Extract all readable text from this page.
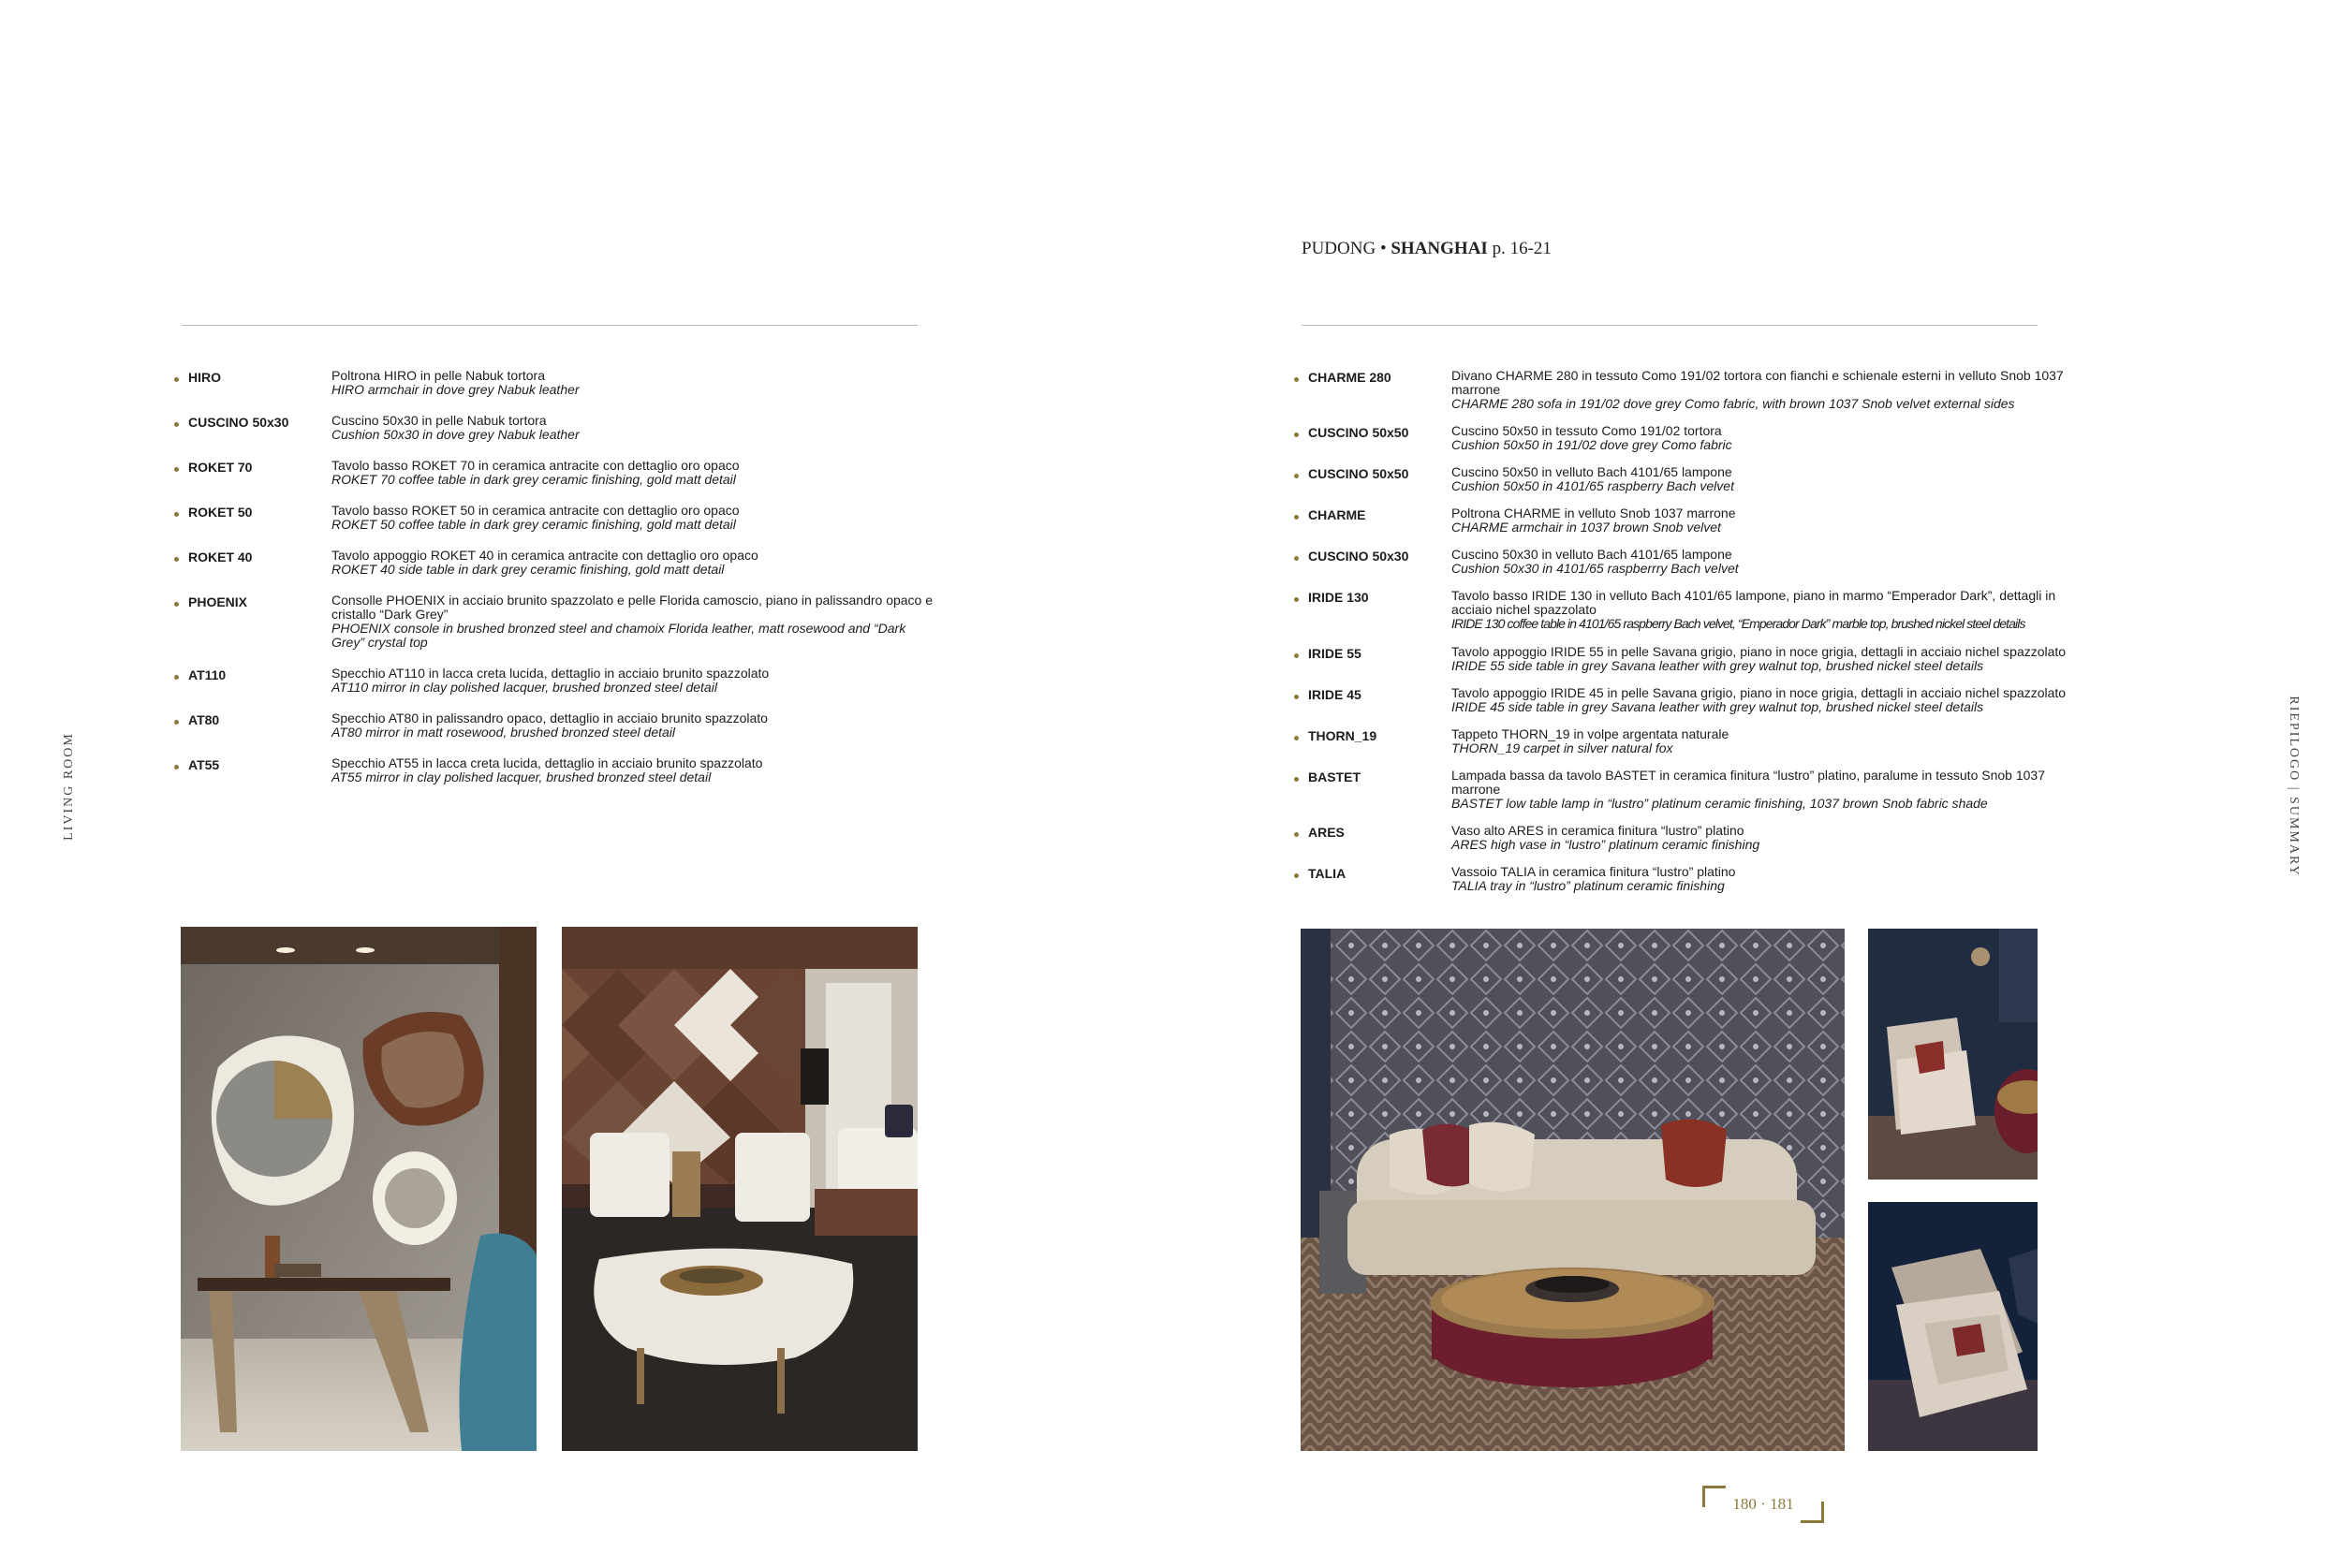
LIVING ROOM	RIEPILOGO | SUMMARY
PUDONG • SHANGHAI p. 16-21
HIRO	Poltrona HIRO in pelle Nabuk tortora
HIRO armchair in dove grey Nabuk leather
CUSCINO 50x30	Cuscino 50x30 in pelle Nabuk tortora
Cushion 50x30 in dove grey Nabuk leather
ROKET 70	Tavolo basso ROKET 70 in ceramica antracite con dettaglio oro opaco
ROKET 70 coffee table in dark grey ceramic finishing, gold matt detail
ROKET 50	Tavolo basso ROKET 50 in ceramica antracite con dettaglio oro opaco
ROKET 50 coffee table in dark grey ceramic finishing, gold matt detail
ROKET 40	Tavolo appoggio ROKET 40 in ceramica antracite con dettaglio oro opaco
ROKET 40 side table in dark grey ceramic finishing, gold matt detail
PHOENIX	Consolle PHOENIX in acciaio brunito spazzolato e pelle Florida camoscio, piano in palissandro opaco e cristallo “Dark Grey”
PHOENIX console in brushed bronzed steel and chamoix Florida leather, matt rosewood and “Dark Grey” crystal top
AT110	Specchio AT110 in lacca creta lucida, dettaglio in acciaio brunito spazzolato
AT110 mirror in clay polished lacquer, brushed bronzed steel detail
AT80	Specchio AT80 in palissandro opaco, dettaglio in acciaio brunito spazzolato
AT80 mirror in matt rosewood, brushed bronzed steel detail
AT55	Specchio AT55 in lacca creta lucida, dettaglio in acciaio brunito spazzolato
AT55 mirror in clay polished lacquer, brushed bronzed steel detail
CHARME 280	Divano CHARME 280 in tessuto Como 191/02 tortora con fianchi e schienale esterni in velluto Snob 1037 marrone
CHARME 280 sofa in 191/02 dove grey Como fabric, with brown 1037 Snob velvet external sides
CUSCINO 50x50	Cuscino 50x50 in tessuto Como 191/02 tortora
Cushion 50x50 in 191/02 dove grey Como fabric
CUSCINO 50x50	Cuscino 50x50 in velluto Bach 4101/65 lampone
Cushion 50x50 in 4101/65 raspberry Bach velvet
CHARME	Poltrona CHARME in velluto Snob 1037 marrone
CHARME armchair in 1037 brown Snob velvet
CUSCINO 50x30	Cuscino 50x30 in velluto Bach 4101/65 lampone
Cushion 50x30 in 4101/65 raspberrry Bach velvet
IRIDE 130	Tavolo basso IRIDE 130 in velluto Bach 4101/65 lampone, piano in marmo “Emperador Dark”, dettagli in acciaio nichel spazzolato
IRIDE 130 coffee table in 4101/65 raspberry Bach velvet, “Emperador Dark” marble top, brushed nickel steel details
IRIDE 55	Tavolo appoggio IRIDE 55 in pelle Savana grigio, piano in noce grigia, dettagli in acciaio nichel spazzolato
IRIDE 55 side table in grey Savana leather with grey walnut top, brushed nickel steel details
IRIDE 45	Tavolo appoggio IRIDE 45 in pelle Savana grigio, piano in noce grigia, dettagli in acciaio nichel spazzolato
IRIDE 45 side table in grey Savana leather with grey walnut top, brushed nickel steel details
THORN_19	Tappeto THORN_19 in volpe argentata naturale
THORN_19 carpet in silver natural fox
BASTET	Lampada bassa da tavolo BASTET in ceramica finitura “lustro” platino, paralume in tessuto Snob 1037 marrone
BASTET low table lamp in “lustro” platinum ceramic finishing, 1037 brown Snob fabric shade
ARES	Vaso alto ARES in ceramica finitura “lustro” platino
ARES high vase in “lustro” platinum ceramic finishing
TALIA	Vassoio TALIA in ceramica finitura “lustro” platino
TALIA tray in “lustro” platinum ceramic finishing
180 · 181
